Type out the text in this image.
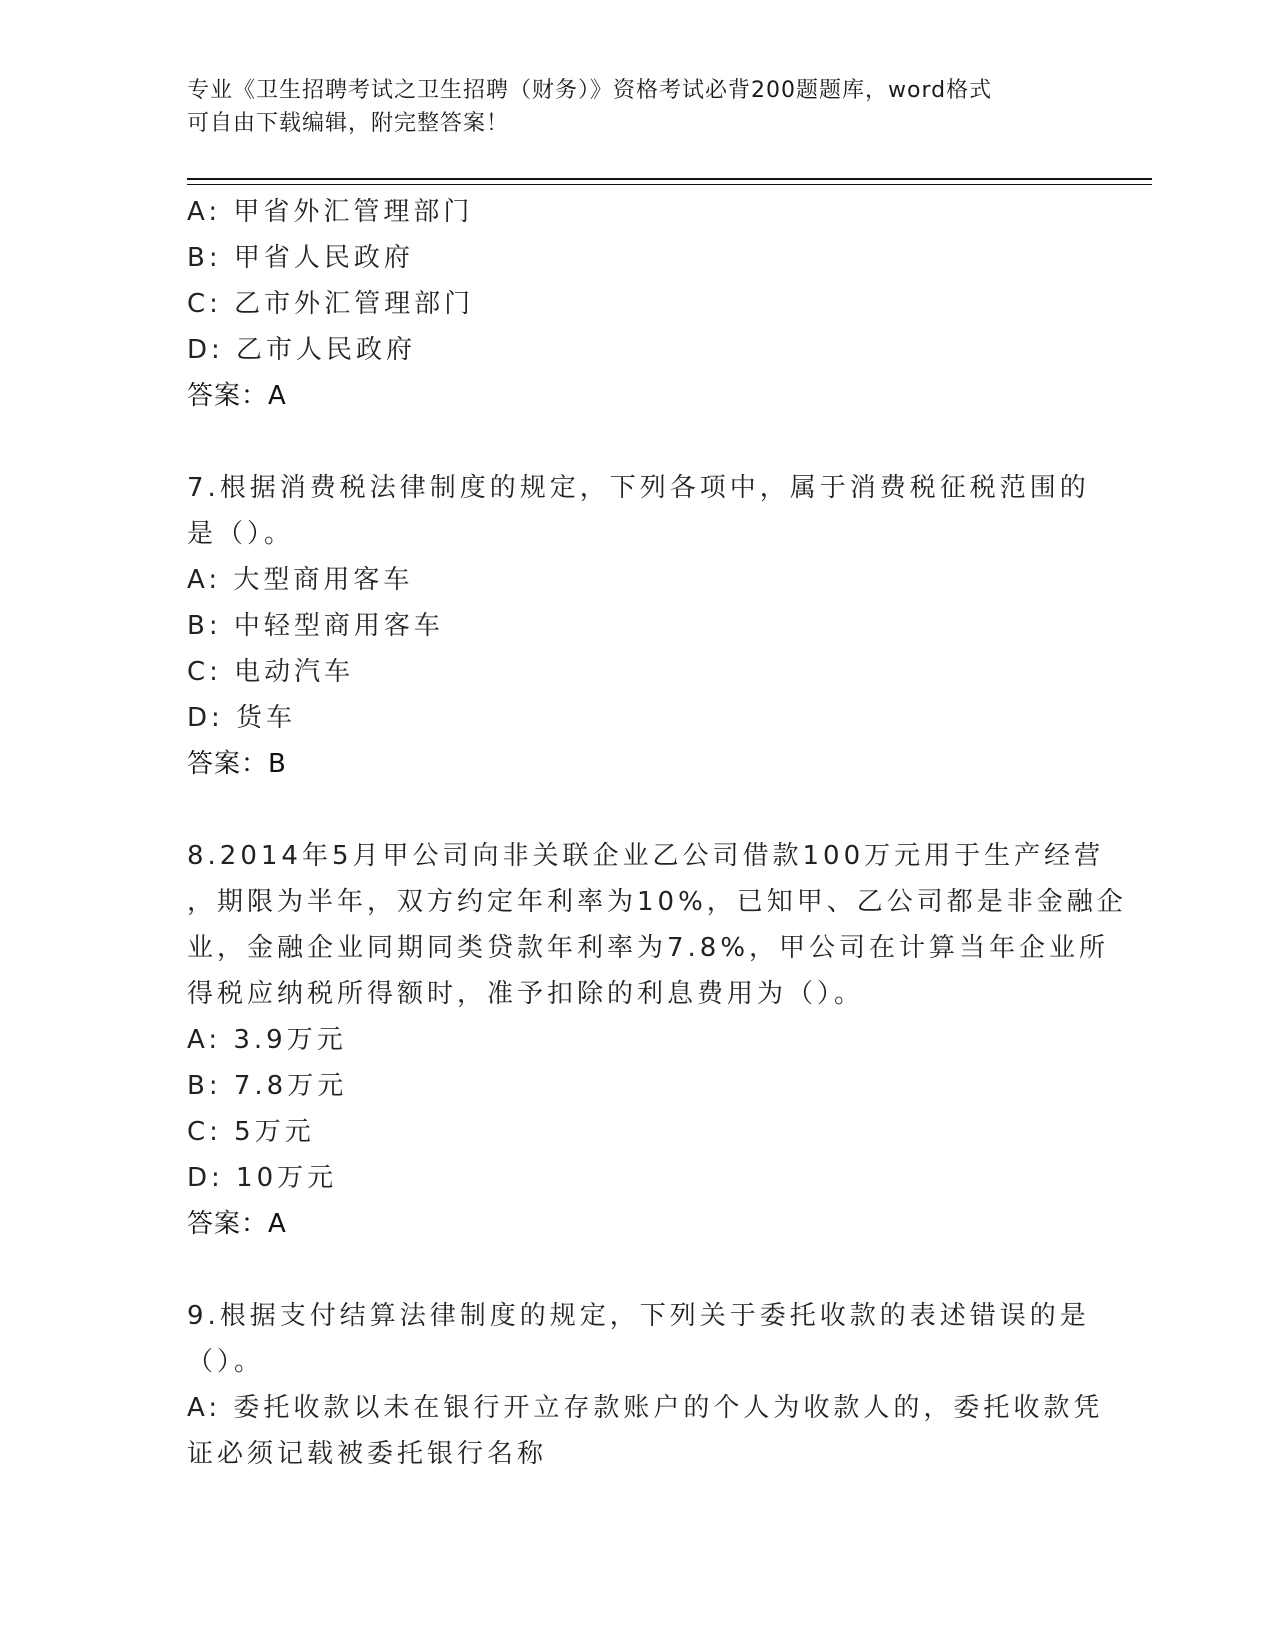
专业《卫生招聘考试之卫生招聘（财务）》资格考试必背200题题库，word格式
可自由下载编辑，附完整答案！
A: 甲省外汇管理部门
B: 甲省人民政府
C: 乙市外汇管理部门
D: 乙市人民政府
答案：A
7.根据消费税法律制度的规定，下列各项中，属于消费税征税范围的
是（）。
A: 大型商用客车
B: 中轻型商用客车
C: 电动汽车
D: 货车
答案：B
8.2014年5月甲公司向非关联企业乙公司借款100万元用于生产经营
，期限为半年，双方约定年利率为10%，已知甲、乙公司都是非金融企
业，金融企业同期同类贷款年利率为7.8%，甲公司在计算当年企业所
得税应纳税所得额时，准予扣除的利息费用为（）。
A: 3.9万元
B: 7.8万元
C: 5万元
D: 10万元
答案：A
9.根据支付结算法律制度的规定，下列关于委托收款的表述错误的是
（）。
A: 委托收款以未在银行开立存款账户的个人为收款人的，委托收款凭
证必须记载被委托银行名称
